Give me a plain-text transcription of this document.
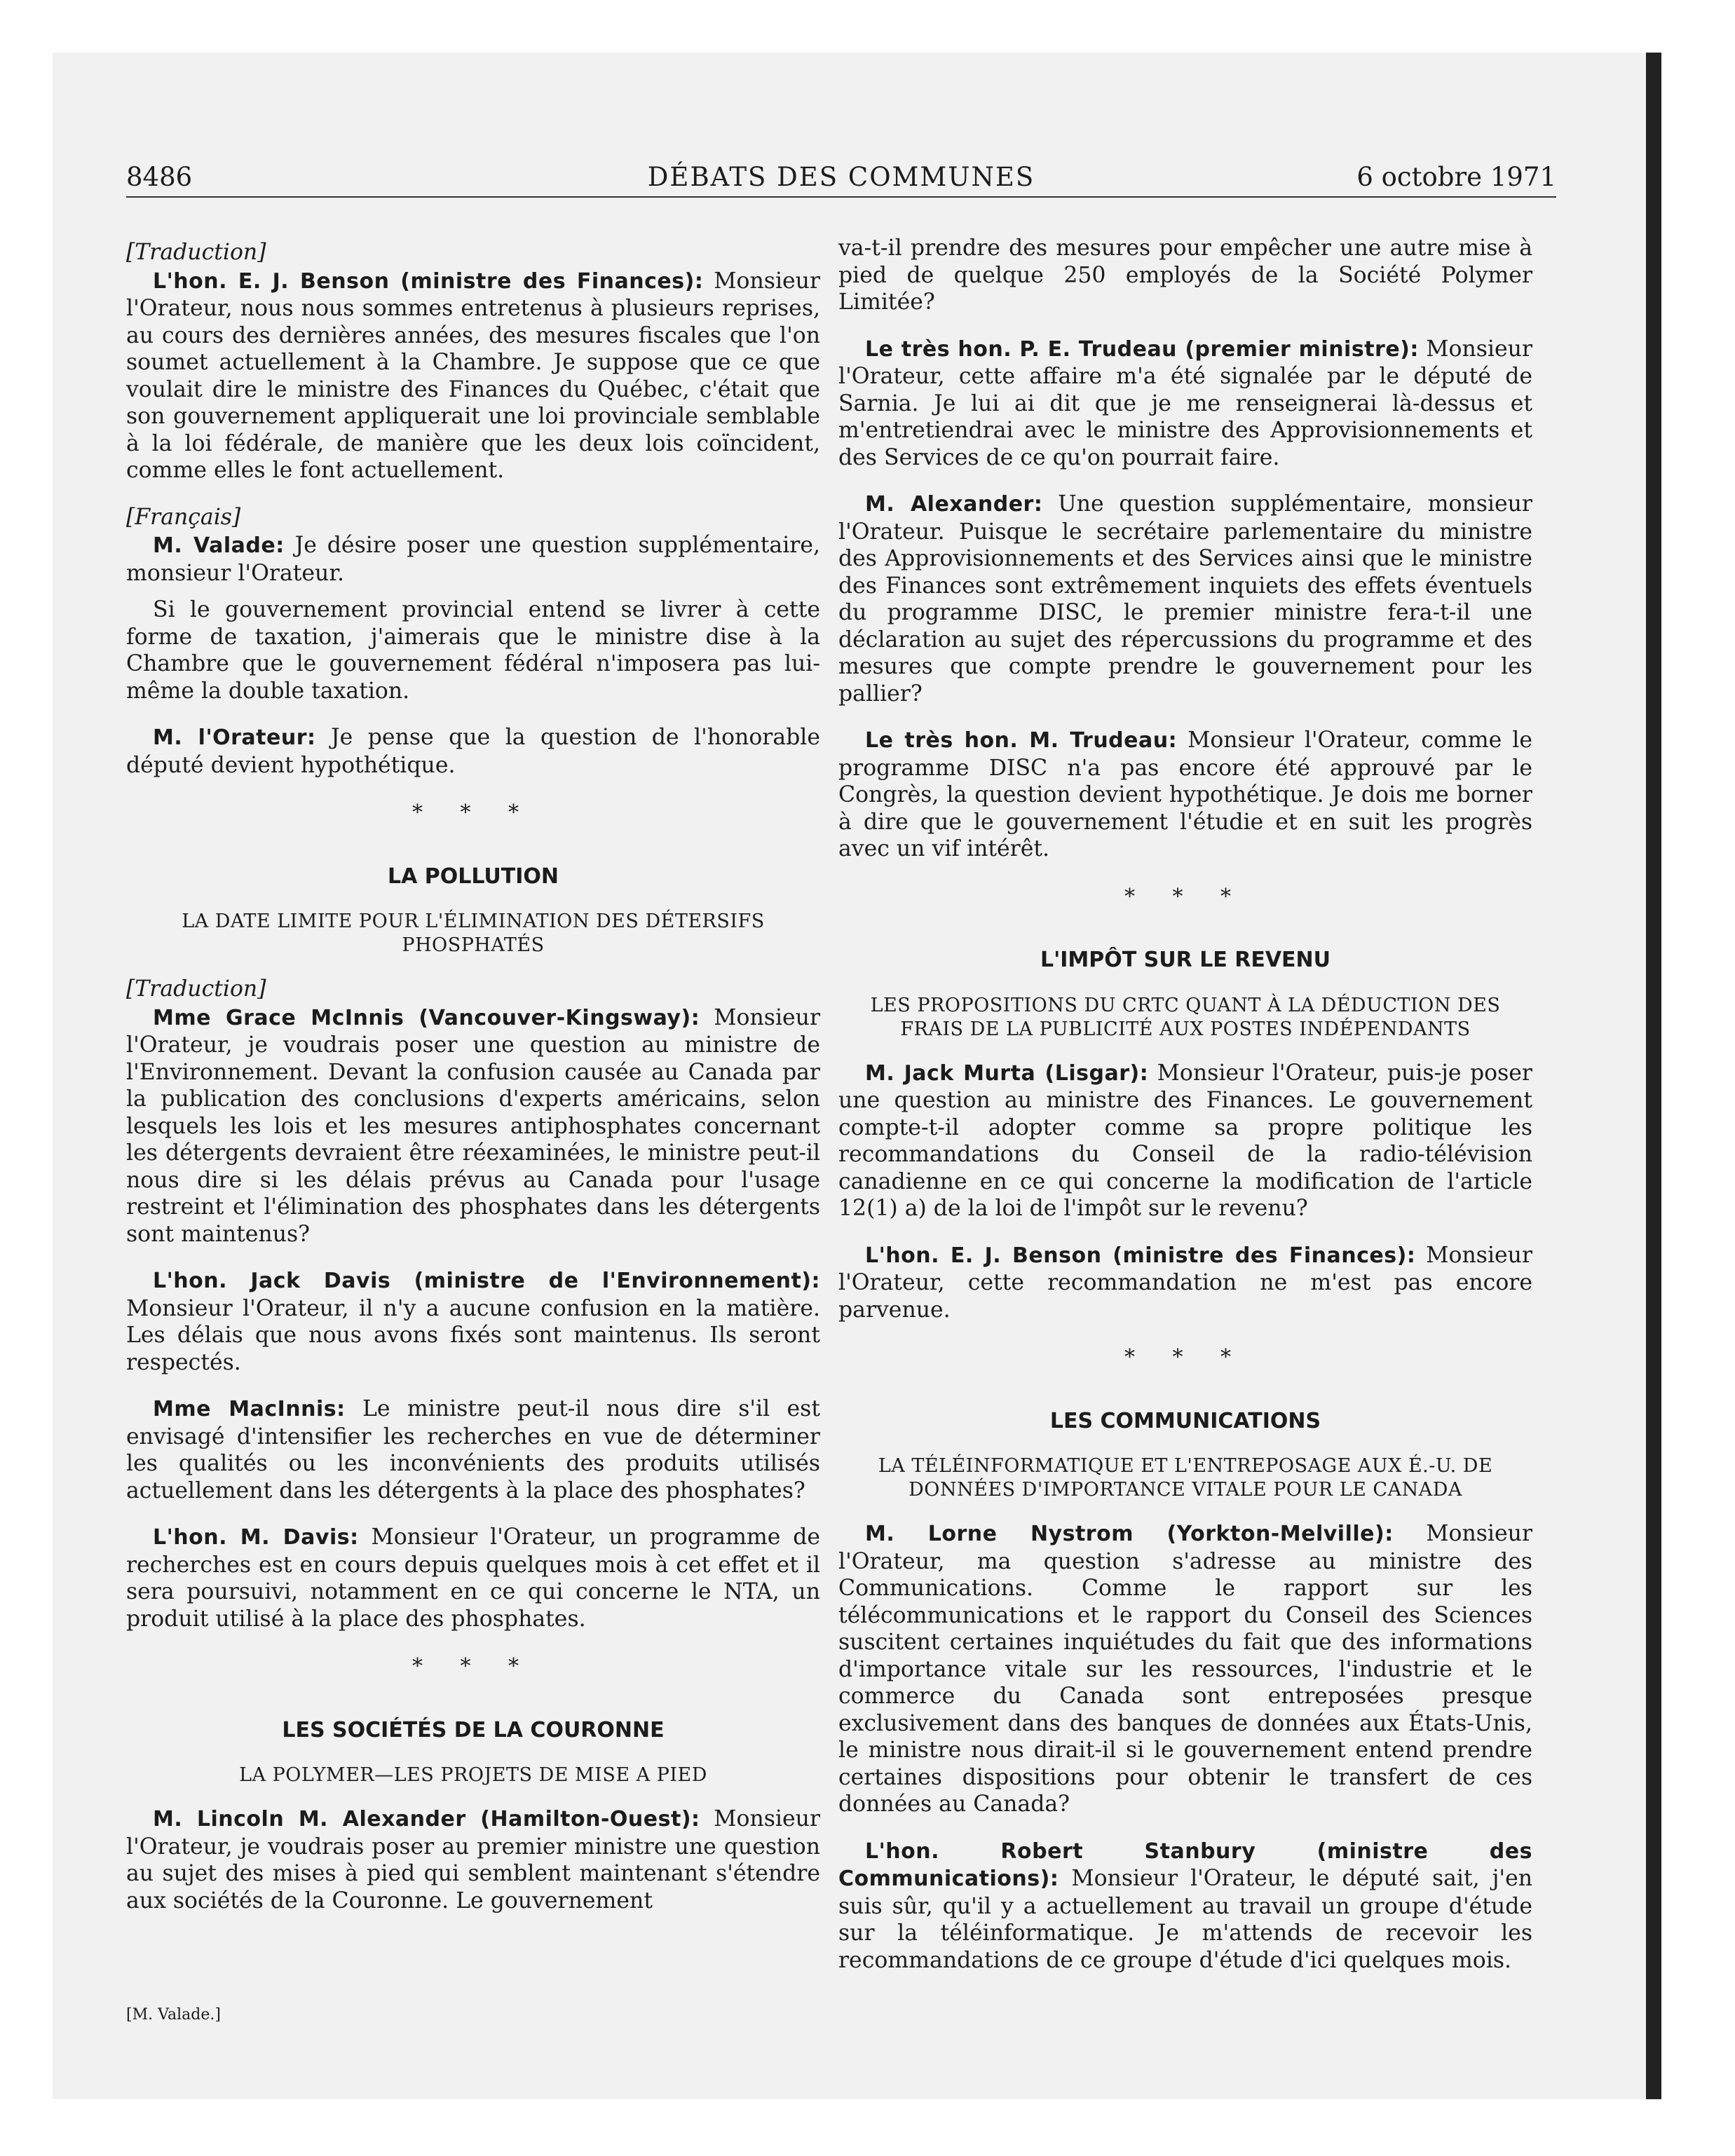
8486	DÉBATS DES COMMUNES	6 octobre 1971

[Traduction]

L'hon. E. J. Benson (ministre des Finances): Monsieur l'Orateur, nous nous sommes entretenus à plusieurs reprises, au cours des dernières années, des mesures fiscales que l'on soumet actuellement à la Chambre. Je suppose que ce que voulait dire le ministre des Finances du Québec, c'était que son gouvernement appliquerait une loi provinciale semblable à la loi fédérale, de manière que les deux lois coïncident, comme elles le font actuellement.

[Français]

M. Valade: Je désire poser une question supplémentaire, monsieur l'Orateur.

Si le gouvernement provincial entend se livrer à cette forme de taxation, j'aimerais que le ministre dise à la Chambre que le gouvernement fédéral n'imposera pas lui-même la double taxation.

M. l'Orateur: Je pense que la question de l'honorable député devient hypothétique.

* * *
LA POLLUTION
LA DATE LIMITE POUR L'ÉLIMINATION DES DÉTERSIFS PHOSPHATÉS

[Traduction]

Mme Grace McInnis (Vancouver-Kingsway): Monsieur l'Orateur, je voudrais poser une question au ministre de l'Environnement. Devant la confusion causée au Canada par la publication des conclusions d'experts américains, selon lesquels les lois et les mesures antiphosphates concernant les détergents devraient être réexaminées, le ministre peut-il nous dire si les délais prévus au Canada pour l'usage restreint et l'élimination des phosphates dans les détergents sont maintenus?

L'hon. Jack Davis (ministre de l'Environnement): Monsieur l'Orateur, il n'y a aucune confusion en la matière. Les délais que nous avons fixés sont maintenus. Ils seront respectés.

Mme MacInnis: Le ministre peut-il nous dire s'il est envisagé d'intensifier les recherches en vue de déterminer les qualités ou les inconvénients des produits utilisés actuellement dans les détergents à la place des phosphates?

L'hon. M. Davis: Monsieur l'Orateur, un programme de recherches est en cours depuis quelques mois à cet effet et il sera poursuivi, notamment en ce qui concerne le NTA, un produit utilisé à la place des phosphates.

* * *
LES SOCIÉTÉS DE LA COURONNE
LA POLYMER—LES PROJETS DE MISE A PIED

M. Lincoln M. Alexander (Hamilton-Ouest): Monsieur l'Orateur, je voudrais poser au premier ministre une question au sujet des mises à pied qui semblent maintenant s'étendre aux sociétés de la Couronne. Le gouvernement

va-t-il prendre des mesures pour empêcher une autre mise à pied de quelque 250 employés de la Société Polymer Limitée?

Le très hon. P. E. Trudeau (premier ministre): Monsieur l'Orateur, cette affaire m'a été signalée par le député de Sarnia. Je lui ai dit que je me renseignerai là-dessus et m'entretiendrai avec le ministre des Approvisionnements et des Services de ce qu'on pourrait faire.

M. Alexander: Une question supplémentaire, monsieur l'Orateur. Puisque le secrétaire parlementaire du ministre des Approvisionnements et des Services ainsi que le ministre des Finances sont extrêmement inquiets des effets éventuels du programme DISC, le premier ministre fera-t-il une déclaration au sujet des répercussions du programme et des mesures que compte prendre le gouvernement pour les pallier?

Le très hon. M. Trudeau: Monsieur l'Orateur, comme le programme DISC n'a pas encore été approuvé par le Congrès, la question devient hypothétique. Je dois me borner à dire que le gouvernement l'étudie et en suit les progrès avec un vif intérêt.

* * *
L'IMPÔT SUR LE REVENU
LES PROPOSITIONS DU CRTC QUANT À LA DÉDUCTION DES FRAIS DE LA PUBLICITÉ AUX POSTES INDÉPENDANTS

M. Jack Murta (Lisgar): Monsieur l'Orateur, puis-je poser une question au ministre des Finances. Le gouvernement compte-t-il adopter comme sa propre politique les recommandations du Conseil de la radio-télévision canadienne en ce qui concerne la modification de l'article 12(1) a) de la loi de l'impôt sur le revenu?

L'hon. E. J. Benson (ministre des Finances): Monsieur l'Orateur, cette recommandation ne m'est pas encore parvenue.

* * *
LES COMMUNICATIONS
LA TÉLÉINFORMATIQUE ET L'ENTREPOSAGE AUX É.-U. DE DONNÉES D'IMPORTANCE VITALE POUR LE CANADA

M. Lorne Nystrom (Yorkton-Melville): Monsieur l'Orateur, ma question s'adresse au ministre des Communications. Comme le rapport sur les télécommunications et le rapport du Conseil des Sciences suscitent certaines inquiétudes du fait que des informations d'importance vitale sur les ressources, l'industrie et le commerce du Canada sont entreposées presque exclusivement dans des banques de données aux États-Unis, le ministre nous dirait-il si le gouvernement entend prendre certaines dispositions pour obtenir le transfert de ces données au Canada?

L'hon. Robert Stanbury (ministre des Communications): Monsieur l'Orateur, le député sait, j'en suis sûr, qu'il y a actuellement au travail un groupe d'étude sur la téléinformatique. Je m'attends de recevoir les recommandations de ce groupe d'étude d'ici quelques mois.

[M. Valade.]
